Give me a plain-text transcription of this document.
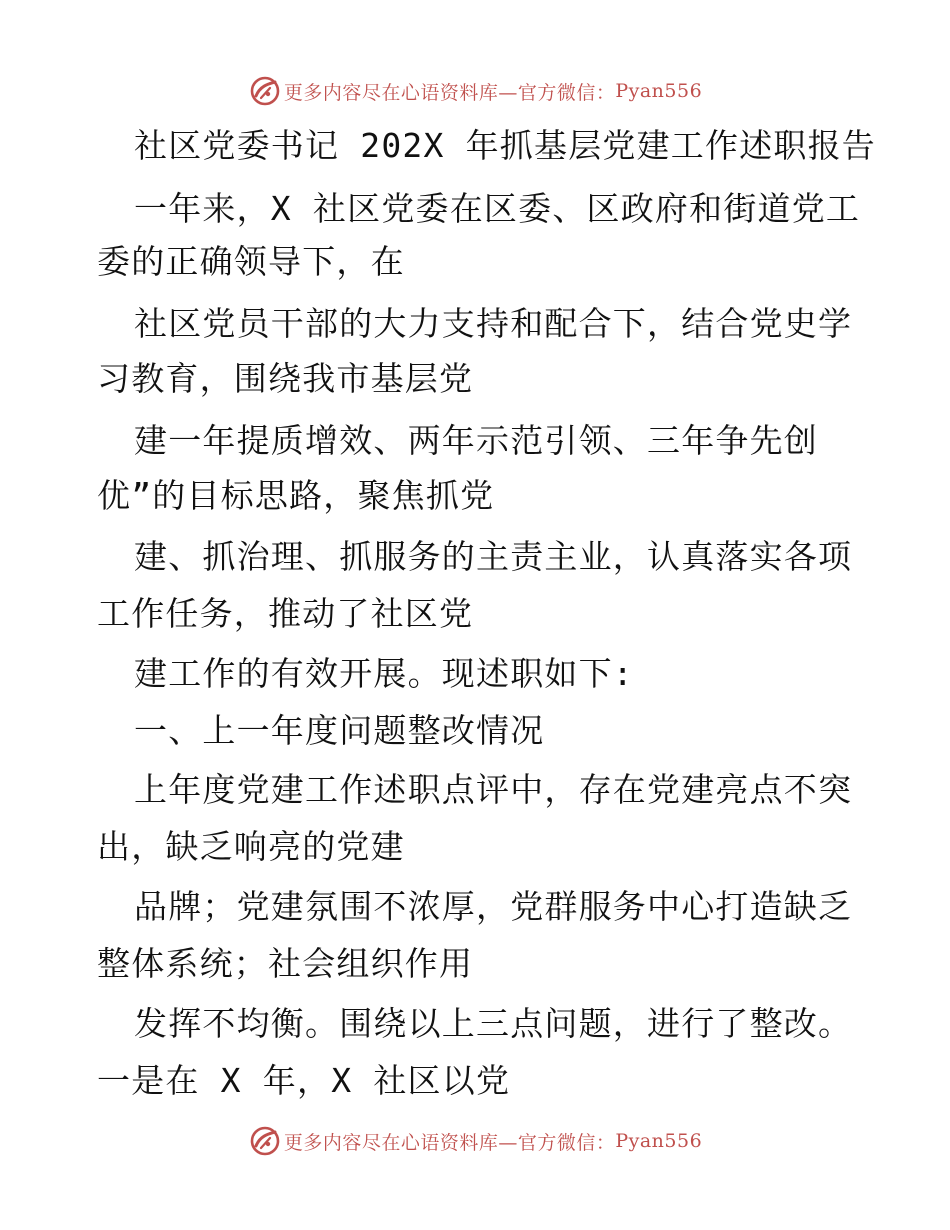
更多内容尽在心语资料库—官方微信： Pyan556
社区党委书记 202X 年抓基层党建工作述职报告
一年来，X 社区党委在区委、区政府和街道党工
委的正确领导下，在
社区党员干部的大力支持和配合下，结合党史学
习教育，围绕我市基层党
建一年提质增效、两年示范引领、三年争先创
优”的目标思路，聚焦抓党
建、抓治理、抓服务的主责主业，认真落实各项
工作任务，推动了社区党
建工作的有效开展。现述职如下:
一、上一年度问题整改情况
上年度党建工作述职点评中，存在党建亮点不突
出，缺乏响亮的党建
品牌；党建氛围不浓厚，党群服务中心打造缺乏
整体系统；社会组织作用
发挥不均衡。围绕以上三点问题，进行了整改。
一是在 X 年，X 社区以党
更多内容尽在心语资料库—官方微信： Pyan556
